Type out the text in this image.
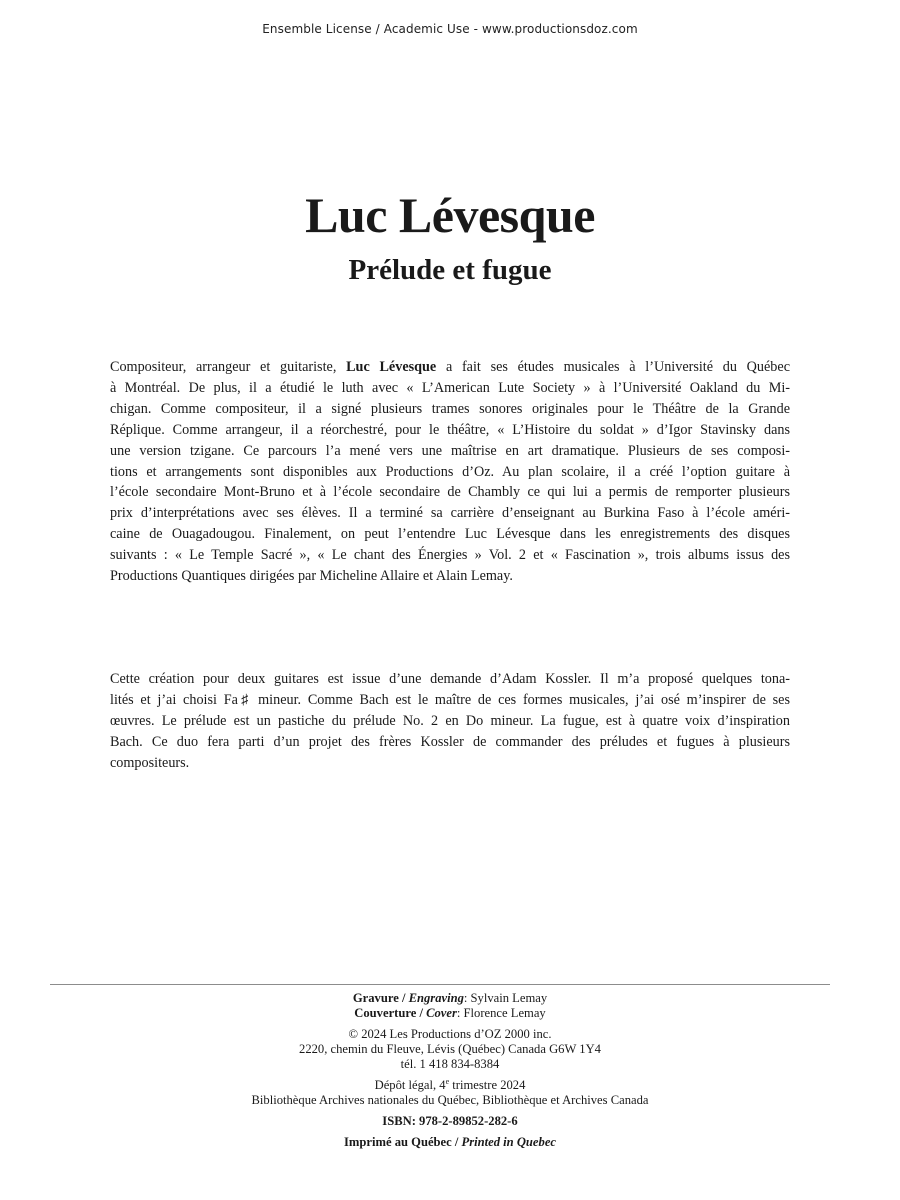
Ensemble License / Academic Use - www.productionsdoz.com
Luc Lévesque
Prélude et fugue
Compositeur, arrangeur et guitariste, Luc Lévesque a fait ses études musicales à l’Université du Québec
à Montréal. De plus, il a étudié le luth avec « L’American Lute Society » à l’Université Oakland du Mi-
chigan. Comme compositeur, il a signé plusieurs trames sonores originales pour le Théâtre de la Grande
Réplique. Comme arrangeur, il a réorchestré, pour le théâtre, « L’Histoire du soldat » d’Igor Stavinsky dans
une version tzigane. Ce parcours l’a mené vers une maîtrise en art dramatique. Plusieurs de ses composi-
tions et arrangements sont disponibles aux Productions d’Oz. Au plan scolaire, il a créé l’option guitare à
l’école secondaire Mont-Bruno et à l’école secondaire de Chambly ce qui lui a permis de remporter plusieurs
prix d’interprétations avec ses élèves. Il a terminé sa carrière d’enseignant au Burkina Faso à l’école améri-
caine de Ouagadougou. Finalement, on peut l’entendre Luc Lévesque dans les enregistrements des disques
suivants : « Le Temple Sacré », « Le chant des Énergies » Vol. 2 et « Fascination », trois albums issus des
Productions Quantiques dirigées par Micheline Allaire et Alain Lemay.
Cette création pour deux guitares est issue d’une demande d’Adam Kossler. Il m’a proposé quelques tona-
lités et j’ai choisi Fa♯ mineur. Comme Bach est le maître de ces formes musicales, j’ai osé m’inspirer de ses
œuvres. Le prélude est un pastiche du prélude No. 2 en Do mineur. La fugue, est à quatre voix d’inspiration
Bach. Ce duo fera parti d’un projet des frères Kossler de commander des préludes et fugues à plusieurs
compositeurs.
Gravure / Engraving: Sylvain Lemay
Couverture / Cover: Florence Lemay
© 2024 Les Productions d’OZ 2000 inc.
2220, chemin du Fleuve, Lévis (Québec) Canada G6W 1Y4
tél. 1 418 834-8384
Dépôt légal, 4e trimestre 2024
Bibliothèque Archives nationales du Québec, Bibliothèque et Archives Canada
ISBN: 978-2-89852-282-6
Imprimé au Québec / Printed in Quebec
